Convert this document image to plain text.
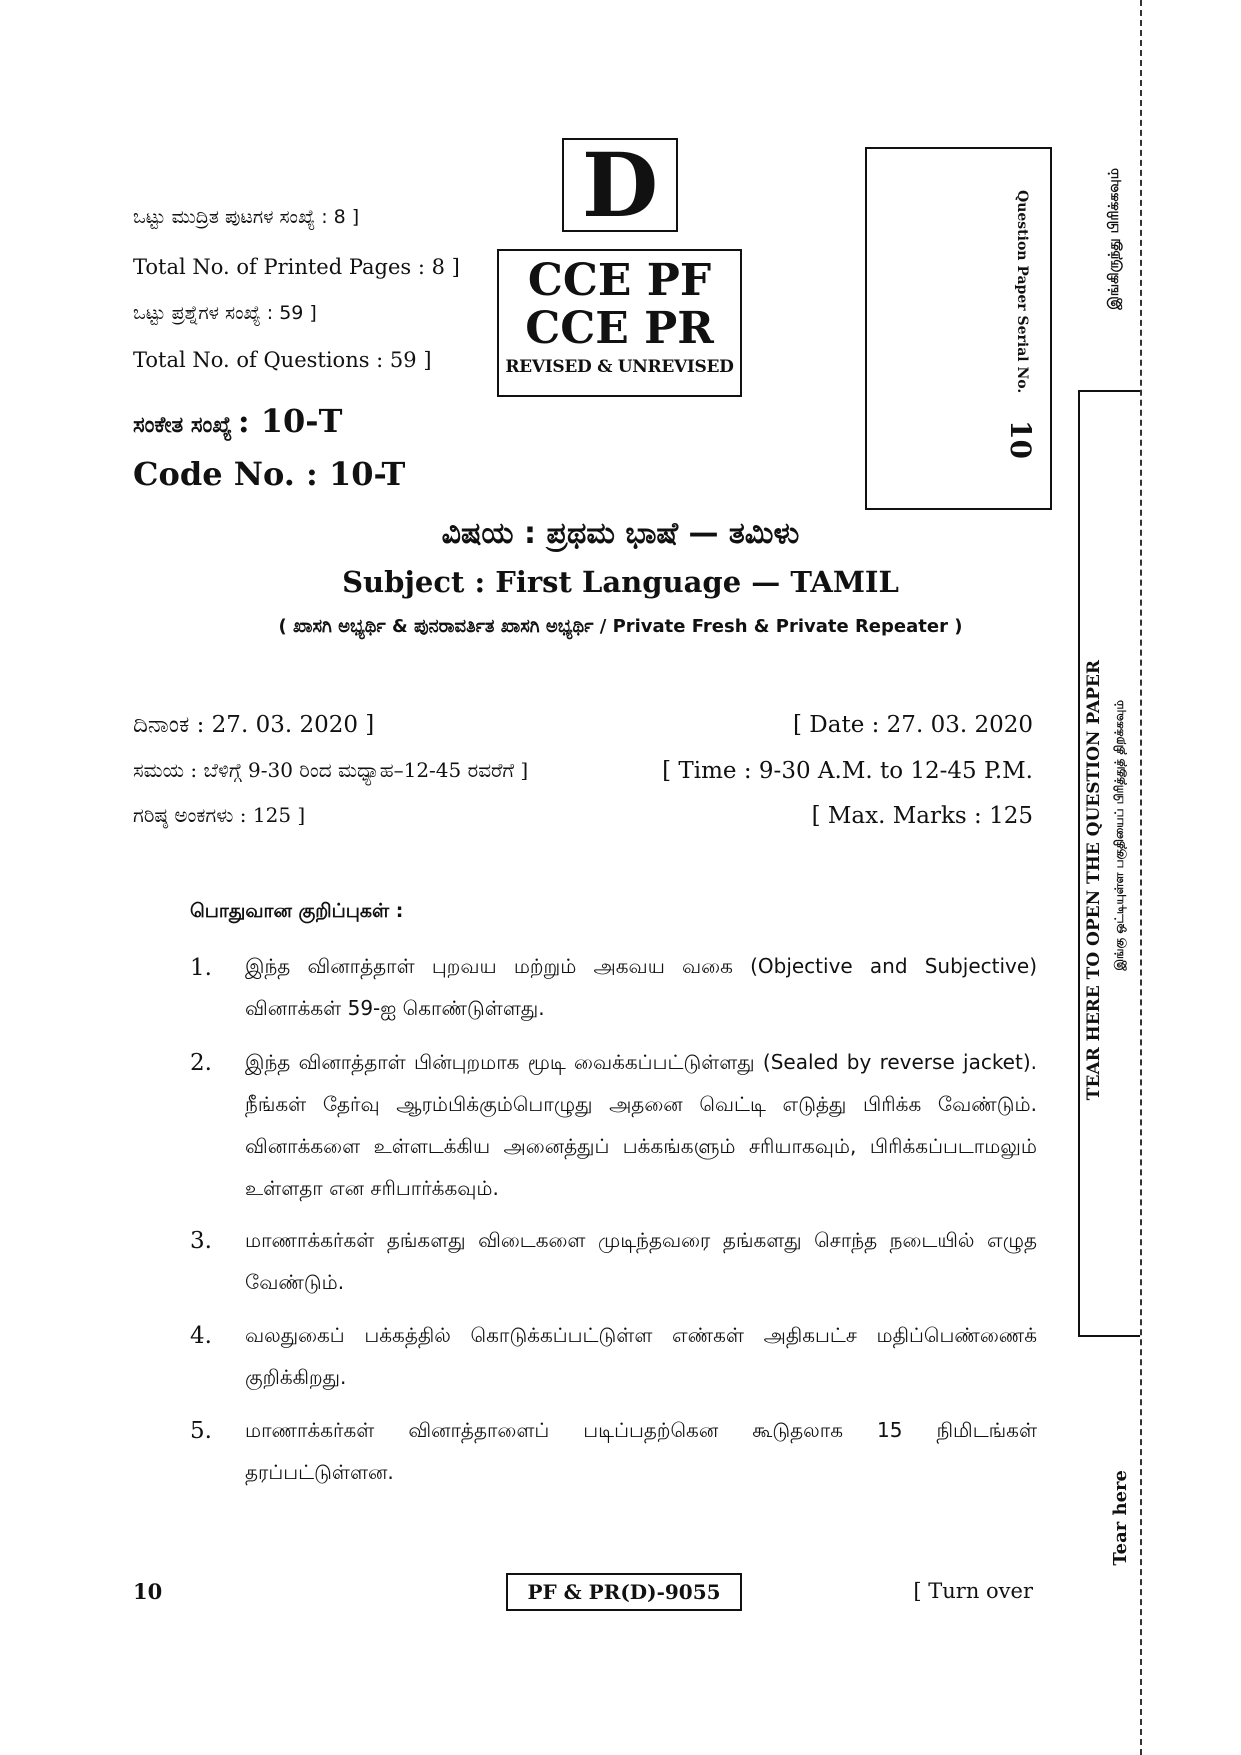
ಒಟ್ಟು ಮುದ್ರಿತ ಪುಟಗಳ ಸಂಖ್ಯೆ : 8 ]
Total No. of Printed Pages : 8 ]
ಒಟ್ಟು ಪ್ರಶ್ನೆಗಳ ಸಂಖ್ಯೆ : 59 ]
Total No. of Questions : 59 ]
ಸಂಕೇತ ಸಂಖ್ಯೆ : 10-T
Code No. : 10-T
D
CCE PF
CCE PR
REVISED & UNREVISED	Question Paper Serial No.
10
ವಿಷಯ : ಪ್ರಥಮ ಭಾಷೆ — ತಮಿಳು
Subject : First Language — TAMIL
( ಖಾಸಗಿ ಅಭ್ಯರ್ಥಿ & ಪುನರಾವರ್ತಿತ ಖಾಸಗಿ ಅಭ್ಯರ್ಥಿ / Private Fresh & Private Repeater )
ದಿನಾಂಕ : 27. 03. 2020 ]	[ Date : 27. 03. 2020
ಸಮಯ : ಬೆಳಿಗ್ಗೆ 9-30 ರಿಂದ ಮಧ್ಯಾಹ–12-45 ರವರೆಗೆ ]	[ Time : 9-30 A.M. to 12-45 P.M.
ಗರಿಷ್ಠ ಅಂಕಗಳು : 125 ]	[ Max. Marks : 125
பொதுவான குறிப்புகள் :
1. இந்த வினாத்தாள் புறவய மற்றும் அகவய வகை (Objective and Subjective) வினாக்கள் 59-ஐ கொண்டுள்ளது.
2. இந்த வினாத்தாள் பின்புறமாக மூடி வைக்கப்பட்டுள்ளது (Sealed by reverse jacket). நீங்கள் தேர்வு ஆரம்பிக்கும்பொழுது அதனை வெட்டி எடுத்து பிரிக்க வேண்டும். வினாக்களை உள்ளடக்கிய அனைத்துப் பக்கங்களும் சரியாகவும், பிரிக்கப்படாமலும் உள்ளதா என சரிபார்க்கவும்.
3. மாணாக்கர்கள் தங்களது விடைகளை முடிந்தவரை தங்களது சொந்த நடையில் எழுத வேண்டும்.
4. வலதுகைப் பக்கத்தில் கொடுக்கப்பட்டுள்ள எண்கள் அதிகபட்ச மதிப்பெண்ணைக் குறிக்கிறது.
5. மாணாக்கர்கள் வினாத்தாளைப் படிப்பதற்கென கூடுதலாக 15 நிமிடங்கள் தரப்பட்டுள்ளன.
10	PF & PR(D)-9055	[ Turn over
இங்கிருந்து பிரிக்கவும்
TEAR HERE TO OPEN THE QUESTION PAPER இங்கு ஒட்டியுள்ள பகுதியைப் பிரித்துத் திறக்கவும்
Tear here
